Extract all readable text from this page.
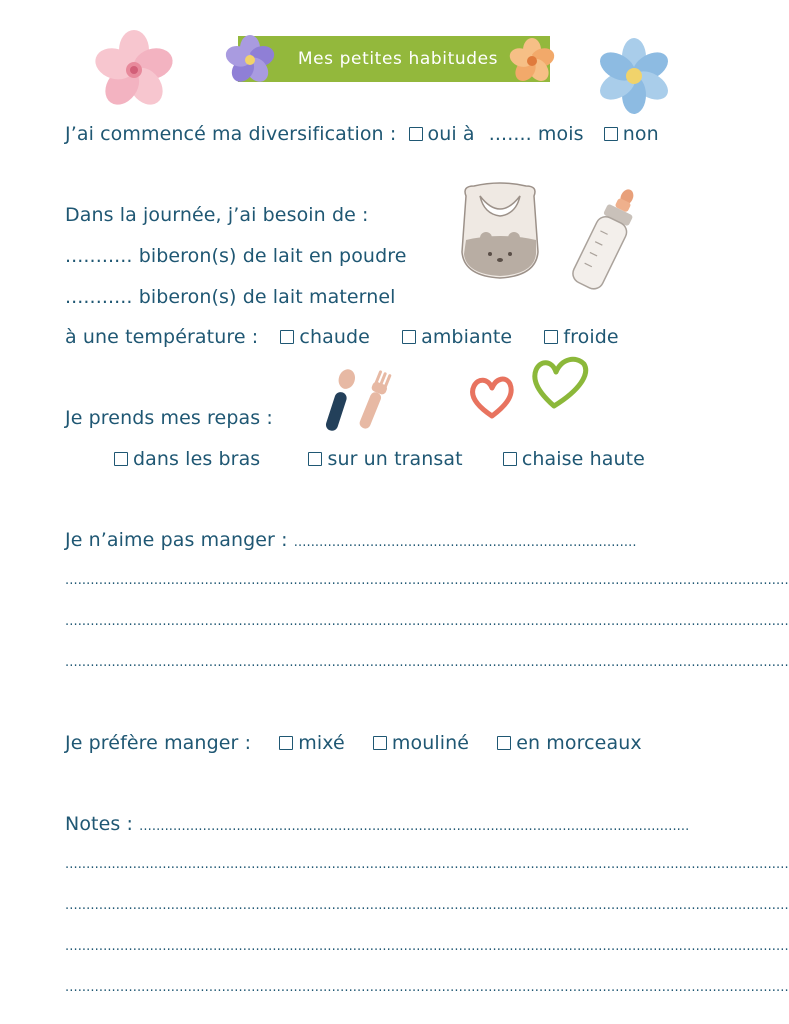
Mes petites habitudes
J’ai commencé ma diversification : oui à ....... mois non
Dans la journée, j’ai besoin de :
........... biberon(s) de lait en poudre
........... biberon(s) de lait maternel
à une température : chaude	ambiante	froide
Je prends mes repas :
dans les bras	sur un transat	chaise haute
Je n’aime pas manger : .................................................................................
...........................................................................................................................................................................
...........................................................................................................................................................................
...........................................................................................................................................................................
Je préfère manger : mixé mouliné en morceaux
Notes : ..................................................................................................................................
...........................................................................................................................................................................
...........................................................................................................................................................................
...........................................................................................................................................................................
...........................................................................................................................................................................
